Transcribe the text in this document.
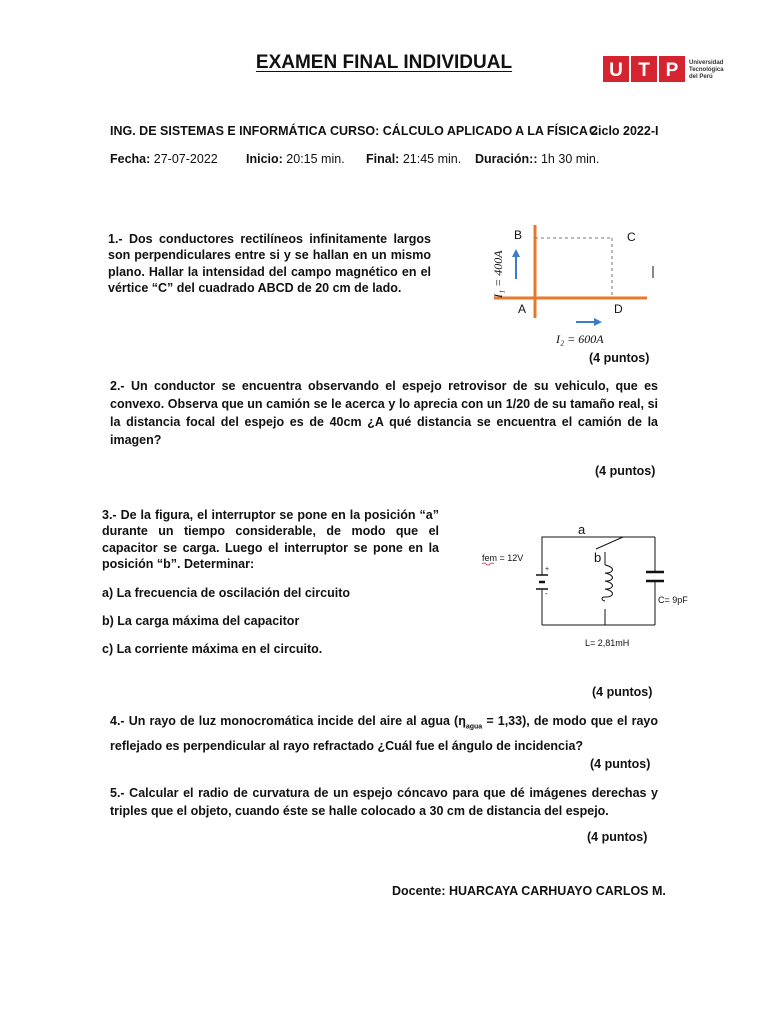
EXAMEN FINAL INDIVIDUAL	U T P Universidad
Tecnológica
del Perú
ING. DE SISTEMAS E INFORMÁTICA CURSO: CÁLCULO APLICADO A LA FÍSICA 2
Ciclo 2022-I
Fecha: 27-07-2022 Inicio: 20:15 min. Final: 21:45 min. Duración:: 1h 30 min.
1.- Dos conductores rectilíneos infinitamente largos son perpendiculares entre si y se hallan en un mismo plano. Hallar la intensidad del campo magnético en el vértice “C” del cuadrado ABCD de 20 cm de lado.
B	C
A	D
I₁ = 400A
I₂ = 600A
(4 puntos)
2.- Un conductor se encuentra observando el espejo retrovisor de su vehiculo, que es convexo. Observa que un camión se le acerca y lo aprecia con un 1/20 de su tamaño real, si la distancia focal del espejo es de 40cm ¿A qué distancia se encuentra el camión de la imagen?
(4 puntos)
3.- De la figura, el interruptor se pone en la posición “a” durante un tiempo considerable, de modo que el capacitor se carga. Luego el interruptor se pone en la posición “b”. Determinar:
a) La frecuencia de oscilación del circuito
b) La carga máxima del capacitor
c) La corriente máxima en el circuito.
a
b
+
-
fem = 12V
C= 9pF
L= 2,81mH
(4 puntos)
4.- Un rayo de luz monocromática incide del aire al agua $(\eta_{agua} = 1,33)$, de modo que el rayo reflejado es perpendicular al rayo refractado ¿Cuál fue el ángulo de incidencia?
(4 puntos)
5.- Calcular el radio de curvatura de un espejo cóncavo para que dé imágenes derechas y triples que el objeto, cuando éste se halle colocado a 30 cm de distancia del espejo.
(4 puntos)
Docente: HUARCAYA CARHUAYO CARLOS M.
